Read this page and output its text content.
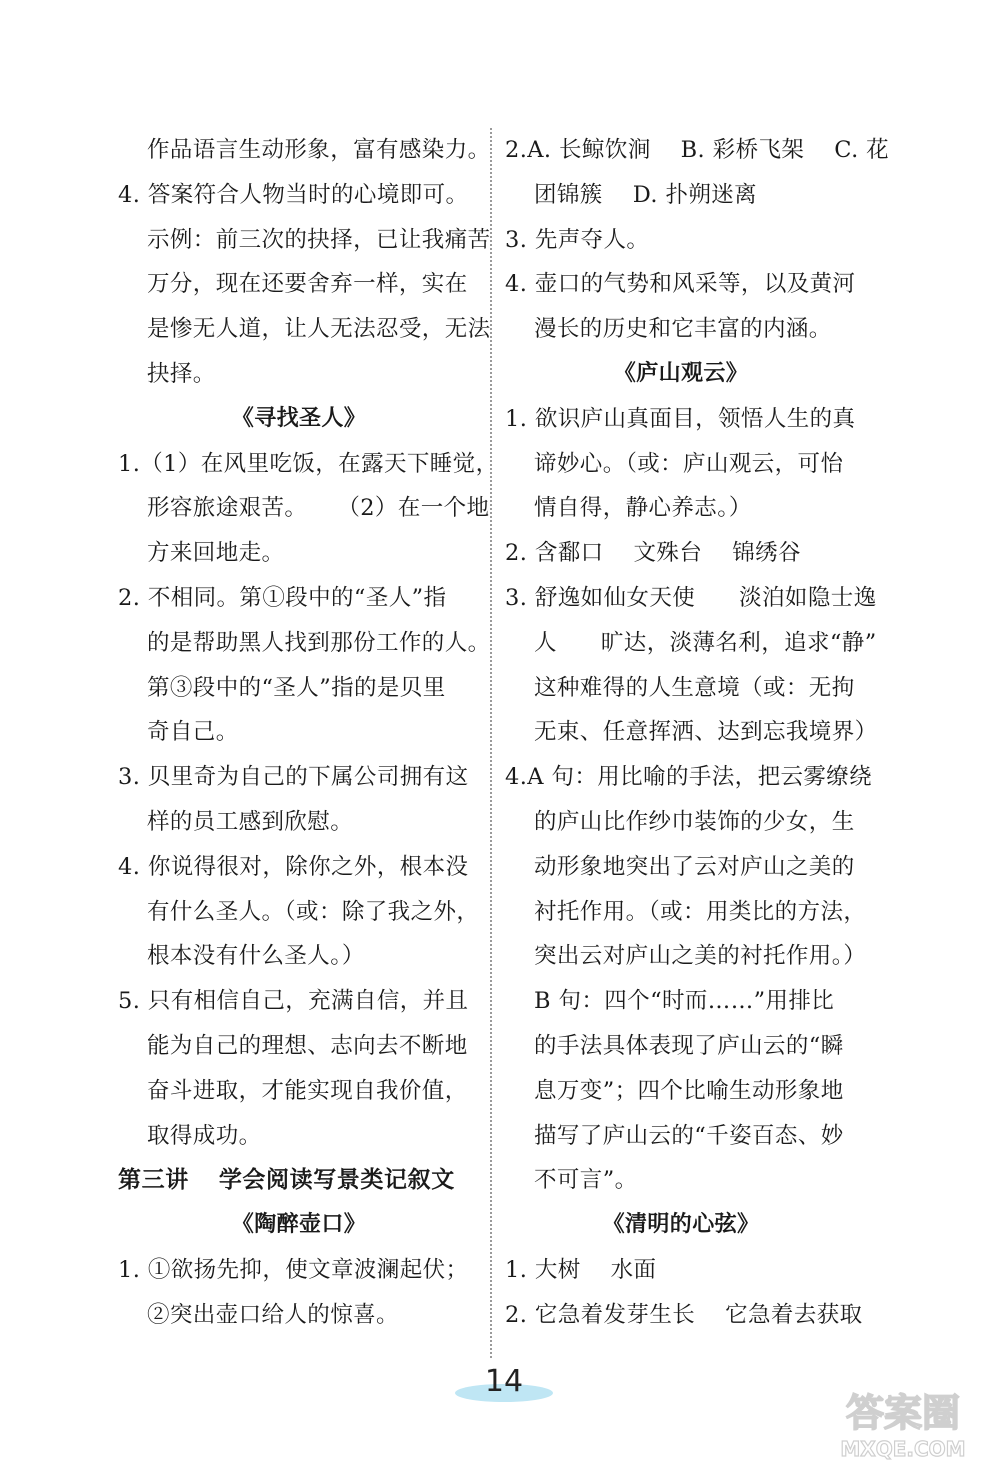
作品语言生动形象，富有感染力。
4. 答案符合人物当时的心境即可。
示例：前三次的抉择，已让我痛苦
万分，现在还要舍弃一样，实在
是惨无人道，让人无法忍受，无法
抉择。
《寻找圣人》
1.（1）在风里吃饭，在露天下睡觉，
形容旅途艰苦。 （2）在一个地
方来回地走。
2. 不相同。第①段中的“圣人”指
的是帮助黑人找到那份工作的人。
第③段中的“圣人”指的是贝里
奇自己。
3. 贝里奇为自己的下属公司拥有这
样的员工感到欣慰。
4. 你说得很对，除你之外，根本没
有什么圣人。（或：除了我之外，
根本没有什么圣人。）
5. 只有相信自己，充满自信，并且
能为自己的理想、志向去不断地
奋斗进取，才能实现自我价值，
取得成功。
第三讲 学会阅读写景类记叙文
《陶醉壶口》
1. ①欲扬先抑，使文章波澜起伏；
②突出壶口给人的惊喜。
2.A. 长鲸饮涧 B. 彩桥飞架 C. 花
团锦簇 D. 扑朔迷离
3. 先声夺人。
4. 壶口的气势和风采等，以及黄河
漫长的历史和它丰富的内涵。
《庐山观云》
1. 欲识庐山真面目，领悟人生的真
谛妙心。（或：庐山观云，可怡
情自得，静心养志。）
2. 含鄱口 文殊台 锦绣谷
3. 舒逸如仙女天使 淡泊如隐士逸
人 旷达，淡薄名利，追求“静”
这种难得的人生意境（或：无拘
无束、任意挥洒、达到忘我境界）
4.A 句：用比喻的手法，把云雾缭绕
的庐山比作纱巾装饰的少女，生
动形象地突出了云对庐山之美的
衬托作用。（或：用类比的方法，
突出云对庐山之美的衬托作用。）
B 句：四个“时而……”用排比
的手法具体表现了庐山云的“瞬
息万变”；四个比喻生动形象地
描写了庐山云的“千姿百态、妙
不可言”。
《清明的心弦》
1. 大树 水面
2. 它急着发芽生长 它急着去获取
14
答案圈
MXQE.COM
